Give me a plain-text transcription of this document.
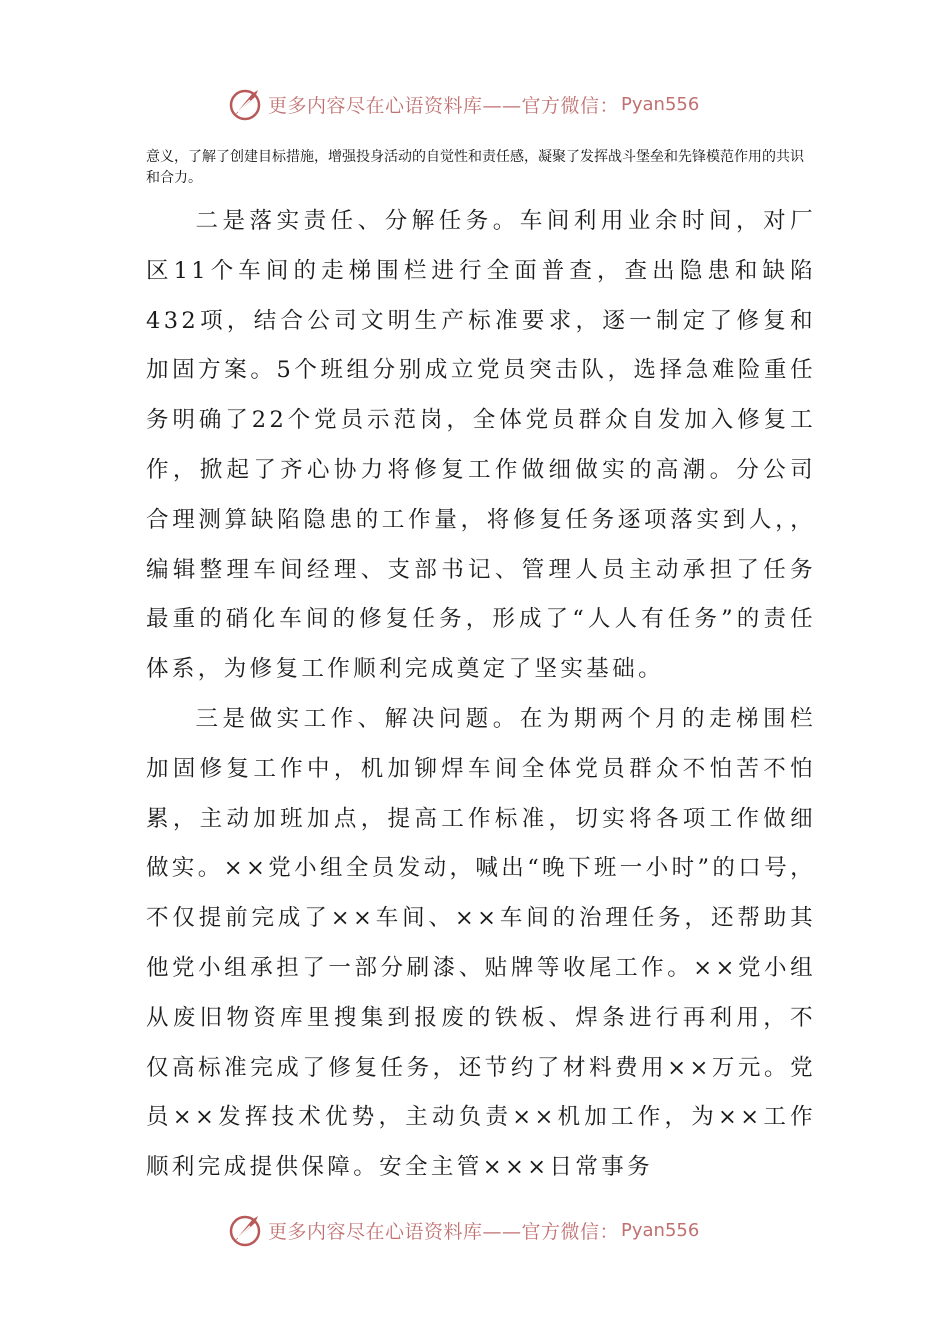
更多内容尽在心语资料库——官方微信： Pyan556
意义，了解了创建目标措施，增强投身活动的自觉性和责任感，凝聚了发挥战斗堡垒和先锋模范作用的共识和合力。

二是落实责任、分解任务。车间利用业余时间，对厂区11个车间的走梯围栏进行全面普查，查出隐患和缺陷432项，结合公司文明生产标准要求，逐一制定了修复和加固方案。5个班组分别成立党员突击队，选择急难险重任务明确了22个党员示范岗，全体党员群众自发加入修复工作，掀起了齐心协力将修复工作做细做实的高潮。分公司合理测算缺陷隐患的工作量，将修复任务逐项落实到人，，编辑整理车间经理、支部书记、管理人员主动承担了任务最重的硝化车间的修复任务，形成了“人人有任务”的责任体系，为修复工作顺利完成奠定了坚实基础。

三是做实工作、解决问题。在为期两个月的走梯围栏加固修复工作中，机加铆焊车间全体党员群众不怕苦不怕累，主动加班加点，提高工作标准，切实将各项工作做细做实。××党小组全员发动，喊出“晚下班一小时”的口号，不仅提前完成了××车间、××车间的治理任务，还帮助其他党小组承担了一部分刷漆、贴牌等收尾工作。××党小组从废旧物资库里搜集到报废的铁板、焊条进行再利用，不仅高标准完成了修复任务，还节约了材料费用××万元。党员××发挥技术优势，主动负责××机加工作，为××工作顺利完成提供保障。安全主管×××日常事务

更多内容尽在心语资料库——官方微信： Pyan556
